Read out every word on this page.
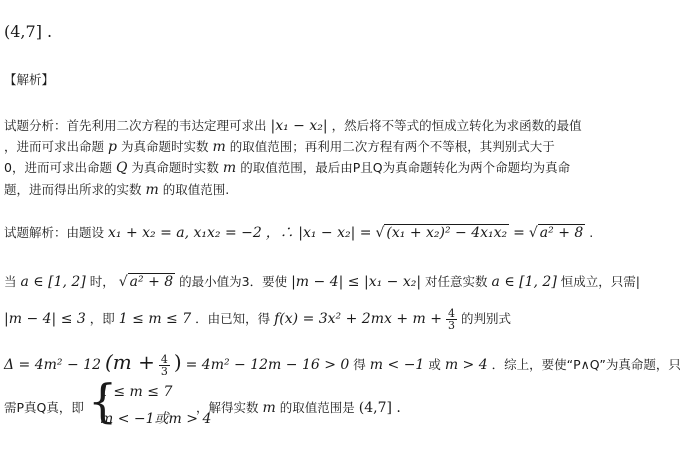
(4,7] .
【解析】
试题分析：首先利用二次方程的韦达定理可求出 |x₁ − x₂| ，然后将不等式的恒成立转化为求函数的最值
，进而可求出命题 p 为真命题时实数 m 的取值范围；再利用二次方程有两个不等根，其判别式大于
0，进而可求出命题 Q 为真命题时实数 m 的取值范围，最后由P且Q为真命题转化为两个命题均为真命
题，进而得出所求的实数 m 的取值范围.
试题解析：由题设 x₁ + x₂ = a, x₁x₂ = −2 ，∴ |x₁ − x₂| = √ (x₁ + x₂)² − 4x₁x₂ = √ a² + 8 .
当 a ∈ [1, 2] 时， √ a² + 8 的最小值为3．要使 |m − 4| ≤ |x₁ − x₂| 对任意实数 a ∈ [1, 2] 恒成立，只需|
|m − 4| ≤ 3 ，即 1 ≤ m ≤ 7 ．由已知，得 $f(x) = 3x^2 + 2mx + m + \frac{4}{3}$ 的判别式
Δ = 4m² − 12 ($m + \frac{4}{3}$ ) = 4m² − 12m − 16 > 0 得 m < −1 或 m > 4 ．综上，要使“P∧Q”为真命题，只
需P真Q真，即 {
1 ≤ m ≤ 7
m < −1或m > 4
，解得实数 m 的取值范围是 (4,7] .
